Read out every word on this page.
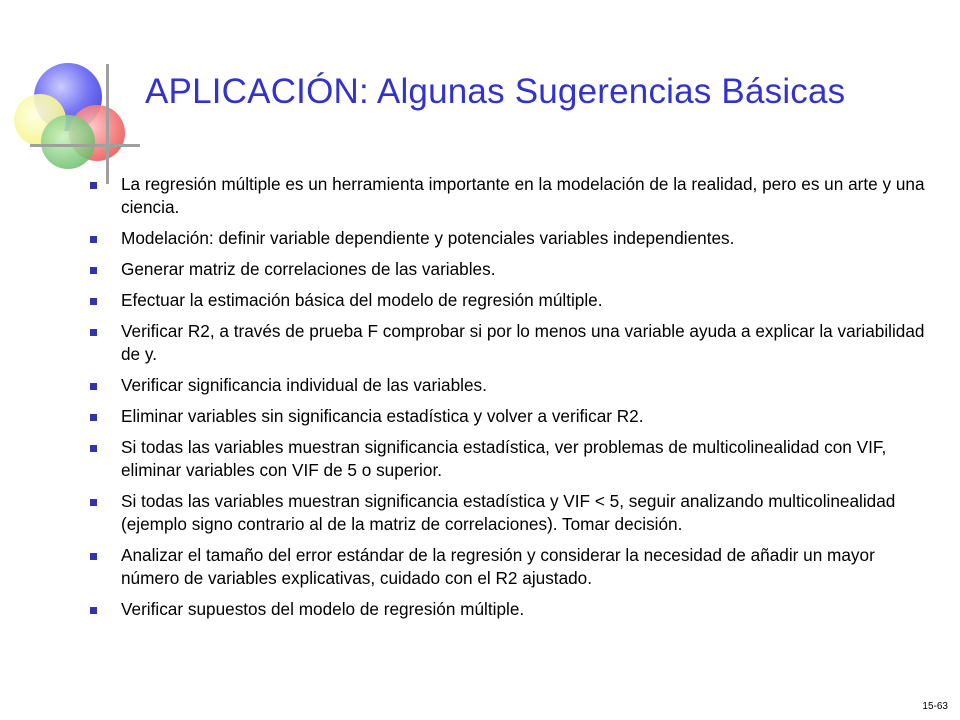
APLICACIÓN: Algunas Sugerencias Básicas
La regresión múltiple es un herramienta importante en la modelación de la realidad, pero es un arte y una ciencia.
Modelación: definir variable dependiente y potenciales variables independientes.
Generar matriz de correlaciones de las variables.
Efectuar la estimación básica del modelo de regresión múltiple.
Verificar R2, a través de prueba F comprobar si por lo menos una variable ayuda a explicar la variabilidad de y.
Verificar significancia individual de las variables.
Eliminar variables sin significancia estadística y volver a verificar R2.
Si todas las variables muestran significancia estadística, ver problemas de multicolinealidad con VIF, eliminar variables con VIF de 5 o superior.
Si todas las variables muestran significancia estadística y VIF < 5, seguir analizando multicolinealidad (ejemplo signo contrario al de la matriz de correlaciones). Tomar decisión.
Analizar el tamaño del error estándar de la regresión y considerar la necesidad de añadir un mayor número de variables explicativas, cuidado con el R2 ajustado.
Verificar supuestos del modelo de regresión múltiple.
15-63
